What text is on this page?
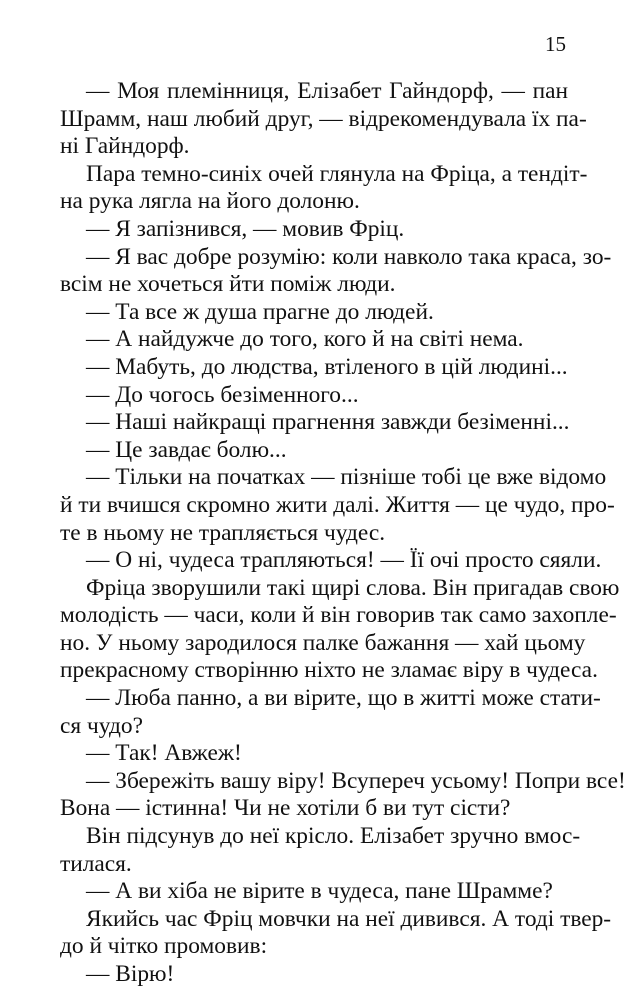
15
— Моя племінниця, Елізабет Гайндорф, — пан
Шрамм, наш любий друг, — відрекомендувала їх па-
ні Гайндорф.
Пара темно-синіх очей глянула на Фріца, а тендіт-
на рука лягла на його долоню.
— Я запізнився, — мовив Фріц.
— Я вас добре розумію: коли навколо така краса, зо-
всім не хочеться йти поміж люди.
— Та все ж душа прагне до людей.
— А найдужче до того, кого й на світі нема.
— Мабуть, до людства, втіленого в цій людині...
— До чогось безіменного...
— Наші найкращі прагнення завжди безіменні...
— Це завдає болю...
— Тільки на початках — пізніше тобі це вже відомо
й ти вчишся скромно жити далі. Життя — це чудо, про-
те в ньому не трапляється чудес.
— О ні, чудеса трапляються! — Її очі просто сяяли.
Фріца зворушили такі щирі слова. Він пригадав свою
молодість — часи, коли й він говорив так само захопле-
но. У ньому зародилося палке бажання — хай цьому
прекрасному створінню ніхто не зламає віру в чудеса.
— Люба панно, а ви вірите, що в житті може стати-
ся чудо?
— Так! Авжеж!
— Збережіть вашу віру! Всупереч усьому! Попри все!
Вона — істинна! Чи не хотіли б ви тут сісти?
Він підсунув до неї крісло. Елізабет зручно вмос-
тилася.
— А ви хіба не вірите в чудеса, пане Шрамме?
Якийсь час Фріц мовчки на неї дивився. А тоді твер-
до й чітко промовив:
— Вірю!
